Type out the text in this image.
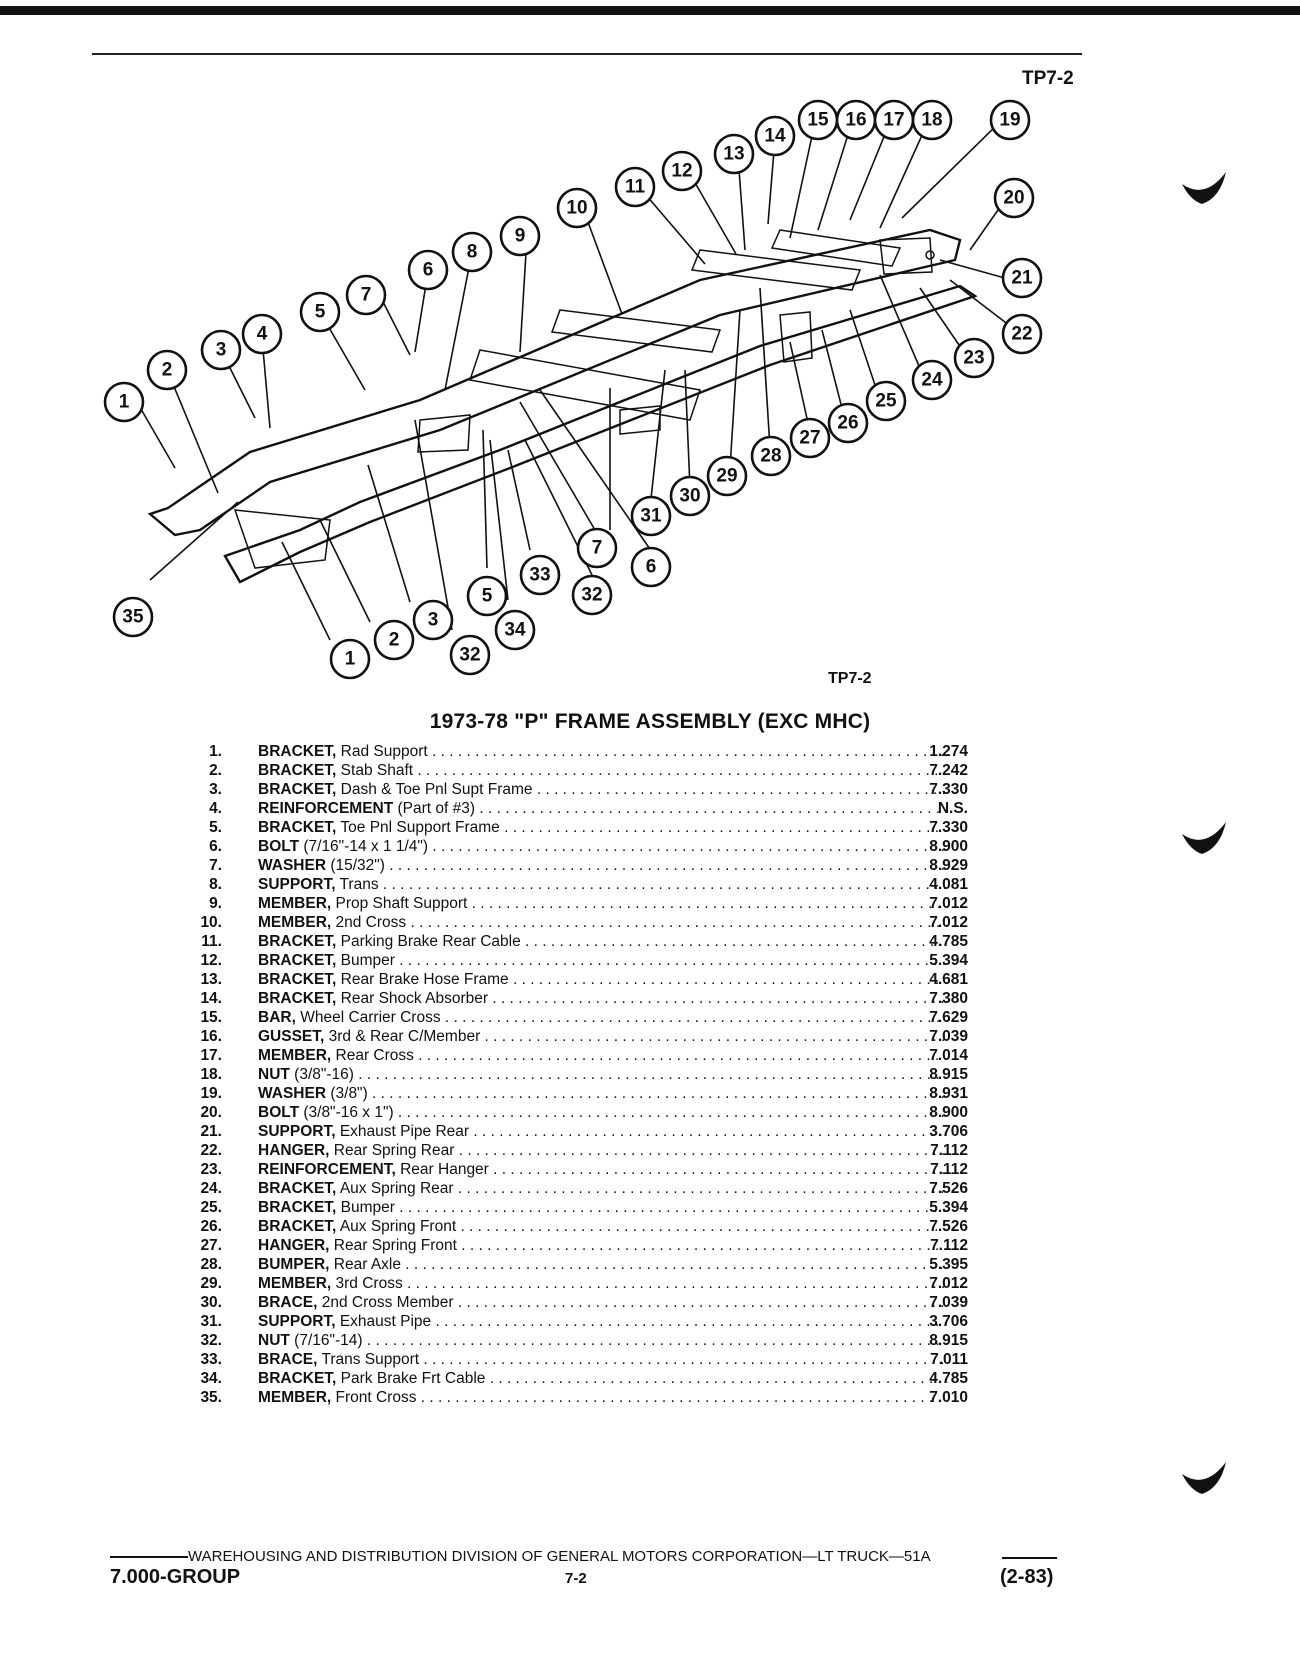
TP7-2
1
2
3
4
5
6
7
8
9
10
11
12
13
14
15 16 17 18	19
20
21
22
23
24
25
26
27
28
29
30
31
6
7
32
33
5
34
32
3
2
1
35
TP7-2
1973-78 "P" FRAME ASSEMBLY (EXC MHC)
1. BRACKET, Rad Support . . .	1.274
2. BRACKET, Stab Shaft . . .	7.242
3. BRACKET, Dash & Toe Pnl Supt Frame . . .	7.330
4. REINFORCEMENT (Part of #3) . . .	N.S.
5. BRACKET, Toe Pnl Support Frame . . .	7.330
6. BOLT (7/16"-14 x 1 1/4") . . .	8.900
7. WASHER (15/32") . . .	8.929
8. SUPPORT, Trans . . .	4.081
9. MEMBER, Prop Shaft Support . . .	7.012
10. MEMBER, 2nd Cross . . .	7.012
11. BRACKET, Parking Brake Rear Cable . . .	4.785
12. BRACKET, Bumper . . .	5.394
13. BRACKET, Rear Brake Hose Frame . . .	4.681
14. BRACKET, Rear Shock Absorber . . .	7.380
15. BAR, Wheel Carrier Cross . . .	7.629
16. GUSSET, 3rd & Rear C/Member . . .	7.039
17. MEMBER, Rear Cross . . .	7.014
18. NUT (3/8"-16) . . .	8.915
19. WASHER (3/8") . . .	8.931
20. BOLT (3/8"-16 x 1") . . .	8.900
21. SUPPORT, Exhaust Pipe Rear . . .	3.706
22. HANGER, Rear Spring Rear . . .	7.112
23. REINFORCEMENT, Rear Hanger . . .	7.112
24. BRACKET, Aux Spring Rear . . .	7.526
25. BRACKET, Bumper . . .	5.394
26. BRACKET, Aux Spring Front . . .	7.526
27. HANGER, Rear Spring Front . . .	7.112
28. BUMPER, Rear Axle . . .	5.395
29. MEMBER, 3rd Cross . . .	7.012
30. BRACE, 2nd Cross Member . . .	7.039
31. SUPPORT, Exhaust Pipe . . .	3.706
32. NUT (7/16"-14) . . .	8.915
33. BRACE, Trans Support . . .	7.011
34. BRACKET, Park Brake Frt Cable . . .	4.785
35. MEMBER, Front Cross . . .	7.010
WAREHOUSING AND DISTRIBUTION DIVISION OF GENERAL MOTORS CORPORATION—LT TRUCK—51A
7.000-GROUP	7-2	(2-83)
